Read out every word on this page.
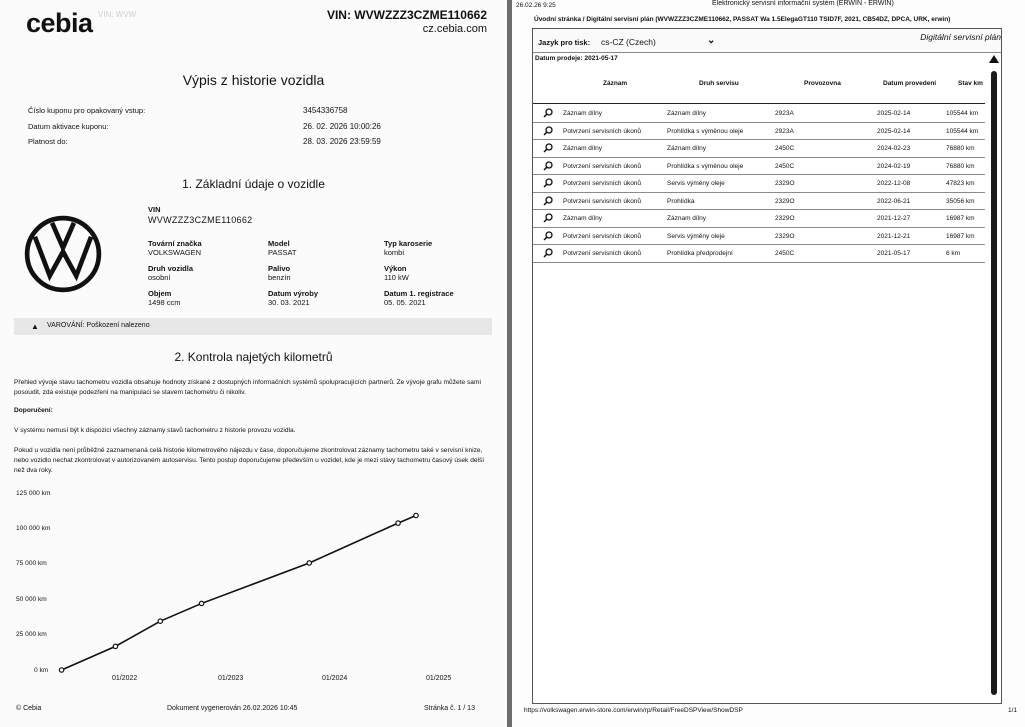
cebia VIN: WVW	VIN: WVWZZZ3CZME110662
cz.cebia.com
Výpis z historie vozidla
Číslo kuponu pro opakovaný vstup:	3454336758
Datum aktivace kuponu:	26. 02. 2026 10:00:26
Platnost do:	28. 03. 2026 23:59:59
1. Základní údaje o vozidle
VIN
WVWZZZ3CZME110662
Tovární značka
VOLKSWAGEN
Model
PASSAT
Typ karoserie
kombi
Druh vozidla
osobní
Palivo
benzín
Výkon
110 kW
Objem
1498 ccm
Datum výroby
30. 03. 2021
Datum 1. registrace
05. 05. 2021
▲ VAROVÁNÍ: Poškození nalezeno
2. Kontrola najetých kilometrů
Přehled vývoje stavu tachometru vozidla obsahuje hodnoty získané z dostupných informačních systémů spolupracujících partnerů. Ze vývoje grafu můžete sami posoudit, zda existuje podezření na manipulaci se stavem tachometru či nikoliv.
Doporučení:
V systému nemusí být k dispozici všechny záznamy stavů tachometru z historie provozu vozidla.
Pokud u vozidla není průběžně zaznamenaná celá historie kilometrového nájezdu v čase, doporučujeme zkontrolovat záznamy tachometru také v servisní knize, nebo vozidlo nechat zkontrolovat v autorizovaném autoservisu. Tento postup doporučujeme především u vozidel, kde je mezi stavy tachometru časový úsek delší než dva roky.
125 000 km
100 000 km
75 000 km
50 000 km
25 000 km
0 km
01/2022	01/2023	01/2024	01/2025
© Cebia	Dokument vygenerován 26.02.2026 10:45	Stránka č. 1 / 13
26.02.26 9:25	Elektronický servisní informační systém (ERWIN - ERWIN)
Úvodní stránka / Digitální servisní plán (WVWZZZ3CZME110662, PASSAT Wa 1.5ElegaGT110 TSID7F, 2021, CB54DZ, DPCA, URK, erwin)
Jazyk pro tisk: cs-CZ (Czech)	⌄	Digitální servisní plán
Datum prodeje: 2021-05-17
Záznam	Druh servisu	Provozovna	Datum provedení	Stav km
Záznam dílny	Záznam dílny	2923A	2025-02-14	105544 km
Potvrzení servisních úkonů	Prohlídka s výměnou oleje	2923A	2025-02-14	105544 km
Záznam dílny	Záznam dílny	2450C	2024-02-23	76880 km
Potvrzení servisních úkonů	Prohlídka s výměnou oleje	2450C	2024-02-19	76880 km
Potvrzení servisních úkonů	Servis výměny oleje	2329O	2022-12-08	47823 km
Potvrzení servisních úkonů	Prohlídka	2329O	2022-06-21	35056 km
Záznam dílny	Záznam dílny	2329O	2021-12-27	16987 km
Potvrzení servisních úkonů	Servis výměny oleje	2329O	2021-12-21	16987 km
Potvrzení servisních úkonů	Prohlídka předprodejní	2450C	2021-05-17	6 km
https://volkswagen.erwin-store.com/erwin/rp/Retail/FreeDSPView/ShowDSP	1/1
